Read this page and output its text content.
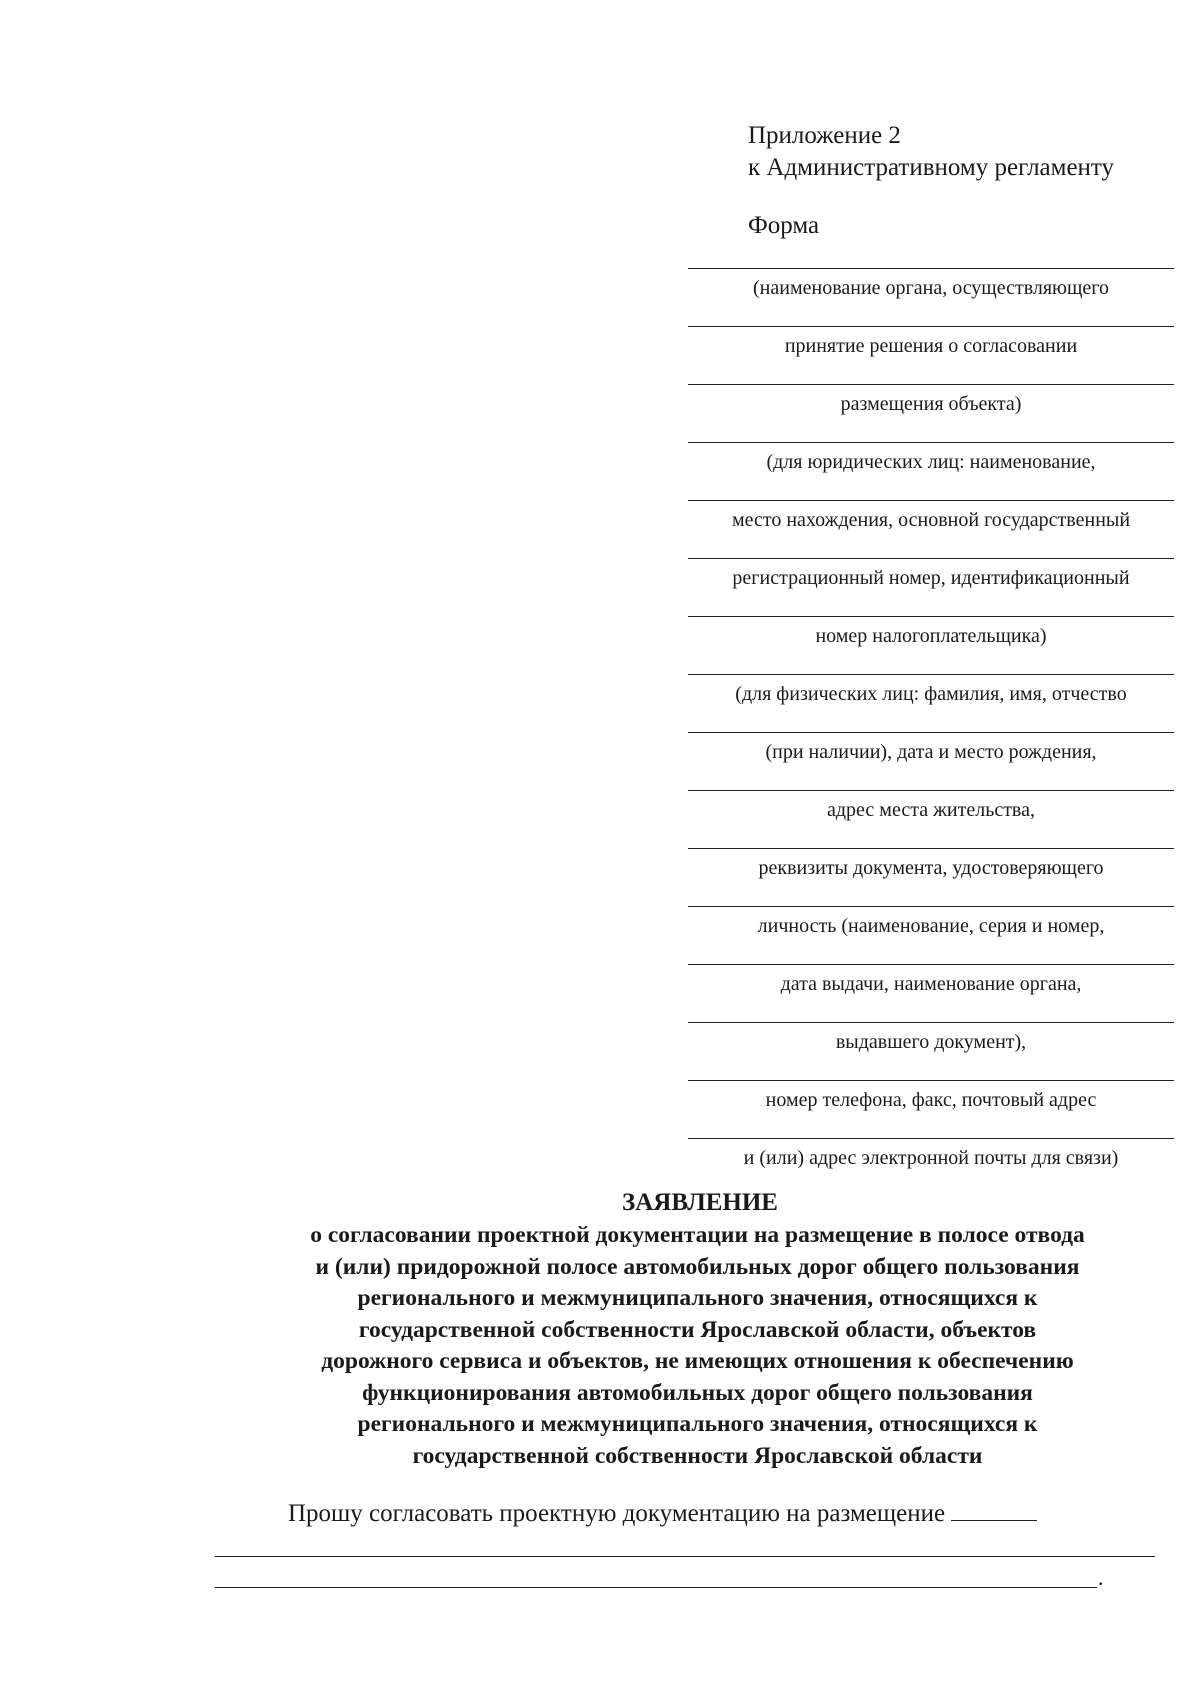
Приложение 2
к Административному регламенту
Форма
(наименование органа, осуществляющего
принятие решения о согласовании
размещения объекта)
(для юридических лиц: наименование,
место нахождения, основной государственный
регистрационный номер, идентификационный
номер налогоплательщика)
(для физических лиц: фамилия, имя, отчество
(при наличии), дата и место рождения,
адрес места жительства,
реквизиты документа, удостоверяющего
личность (наименование, серия и номер,
дата выдачи, наименование органа,
выдавшего документ),
номер телефона, факс, почтовый адрес
и (или) адрес электронной почты для связи)
ЗАЯВЛЕНИЕ
о согласовании проектной документации на размещение в полосе отвода
и (или) придорожной полосе автомобильных дорог общего пользования
регионального и межмуниципального значения, относящихся к
государственной собственности Ярославской области, объектов
дорожного сервиса и объектов, не имеющих отношения к обеспечению
функционирования автомобильных дорог общего пользования
регионального и межмуниципального значения, относящихся к
государственной собственности Ярославской области
Прошу согласовать проектную документацию на размещение
.
